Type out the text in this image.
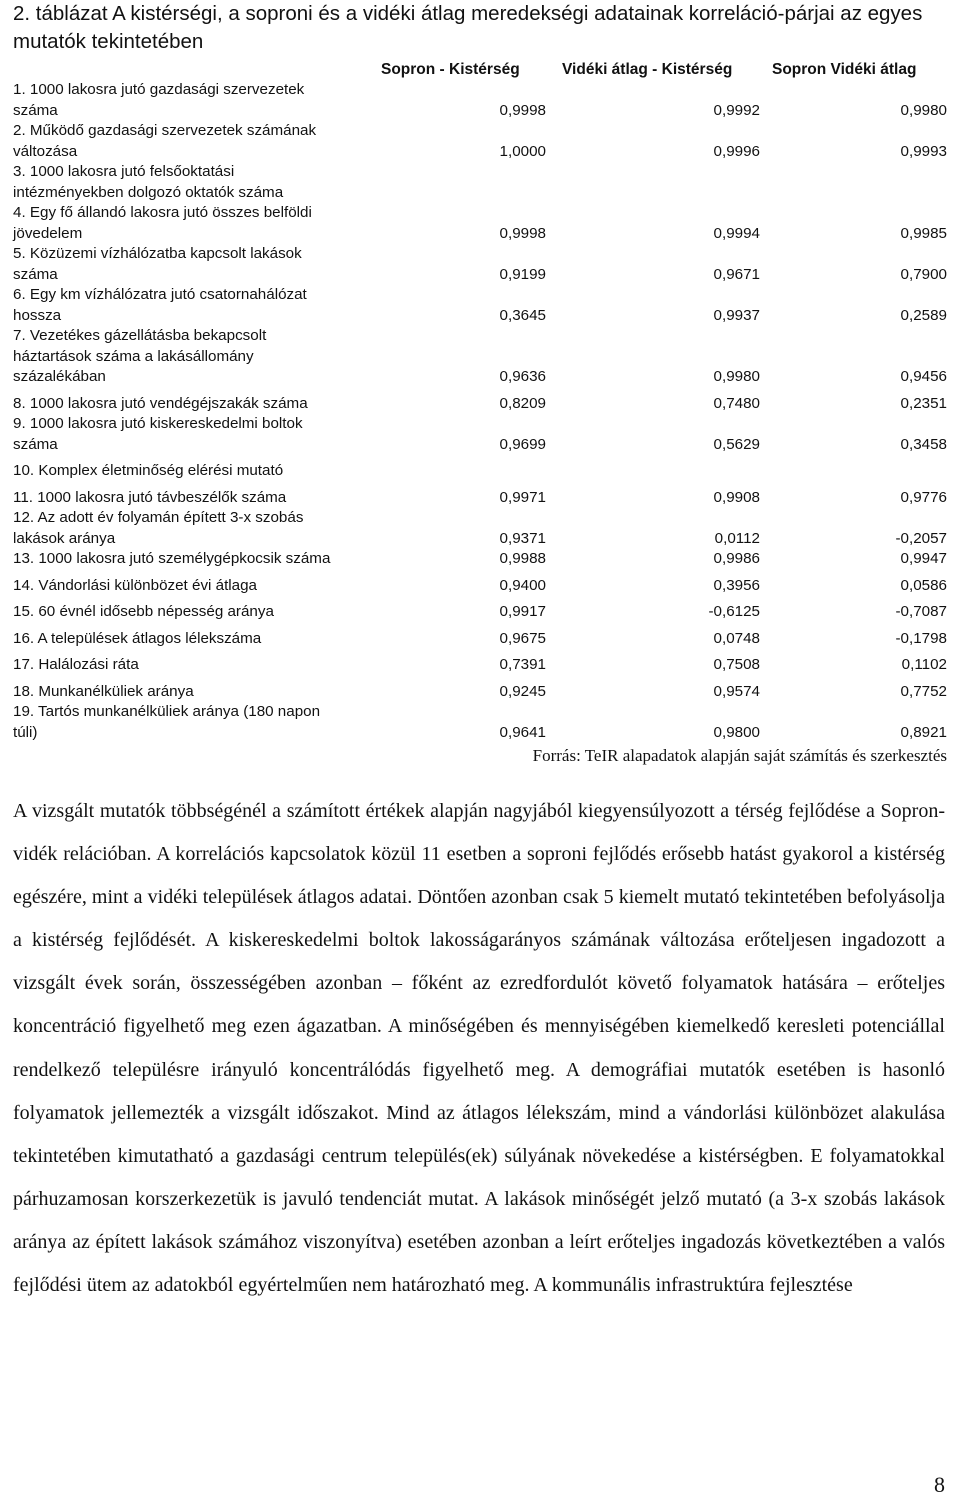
2. táblázat A kistérségi, a soproni és a vidéki átlag meredekségi adatainak korreláció-párjai az egyes mutatók tekintetében
Sopron - Kistérség	Vidéki átlag - Kistérség	Sopron Vidéki átlag
1. 1000 lakosra jutó gazdasági szervezetek száma	0,9998	0,9992	0,9980
2. Működő gazdasági szervezetek számának változása	1,0000	0,9996	0,9993
3. 1000 lakosra jutó felsőoktatási intézményekben dolgozó oktatók száma			
4. Egy fő állandó lakosra jutó összes belföldi jövedelem	0,9998	0,9994	0,9985
5. Közüzemi vízhálózatba kapcsolt lakások száma	0,9199	0,9671	0,7900
6. Egy km vízhálózatra jutó csatornahálózat hossza	0,3645	0,9937	0,2589
7. Vezetékes gázellátásba bekapcsolt háztartások száma a lakásállomány százalékában	0,9636	0,9980	0,9456
8. 1000 lakosra jutó vendégéjszakák száma	0,8209	0,7480	0,2351
9. 1000 lakosra jutó kiskereskedelmi boltok száma	0,9699	0,5629	0,3458
10. Komplex életminőség elérési mutató			
11. 1000 lakosra jutó távbeszélők száma	0,9971	0,9908	0,9776
12. Az adott év folyamán épített 3-x szobás lakások aránya	0,9371	0,0112	-0,2057
13. 1000 lakosra jutó személygépkocsik száma	0,9988	0,9986	0,9947
14. Vándorlási különbözet évi átlaga	0,9400	0,3956	0,0586
15. 60 évnél idősebb népesség aránya	0,9917	-0,6125	-0,7087
16. A települések átlagos lélekszáma	0,9675	0,0748	-0,1798
17. Halálozási ráta	0,7391	0,7508	0,1102
18. Munkanélküliek aránya	0,9245	0,9574	0,7752
19. Tartós munkanélküliek aránya (180 napon túli)	0,9641	0,9800	0,8921
Forrás: TeIR alapadatok alapján saját számítás és szerkesztés

A vizsgált mutatók többségénél a számított értékek alapján nagyjából kiegyensúlyozott a térség fejlődése a Sopron-vidék relációban. A korrelációs kapcsolatok közül 11 esetben a soproni fejlődés erősebb hatást gyakorol a kistérség egészére, mint a vidéki települések átlagos adatai. Döntően azonban csak 5 kiemelt mutató tekintetében befolyásolja a kistérség fejlődését. A kiskereskedelmi boltok lakosságarányos számának változása erőteljesen ingadozott a vizsgált évek során, összességében azonban – főként az ezredfordulót követő folyamatok hatására – erőteljes koncentráció figyelhető meg ezen ágazatban. A minőségében és mennyiségében kiemelkedő keresleti potenciállal rendelkező településre irányuló koncentrálódás figyelhető meg. A demográfiai mutatók esetében is hasonló folyamatok jellemezték a vizsgált időszakot. Mind az átlagos lélekszám, mind a vándorlási különbözet alakulása tekintetében kimutatható a gazdasági centrum település(ek) súlyának növekedése a kistérségben. E folyamatokkal párhuzamosan korszerkezetük is javuló tendenciát mutat. A lakások minőségét jelző mutató (a 3-x szobás lakások aránya az épített lakások számához viszonyítva) esetében azonban a leírt erőteljes ingadozás következtében a valós fejlődési ütem az adatokból egyértelműen nem határozható meg. A kommunális infrastruktúra fejlesztése

8
